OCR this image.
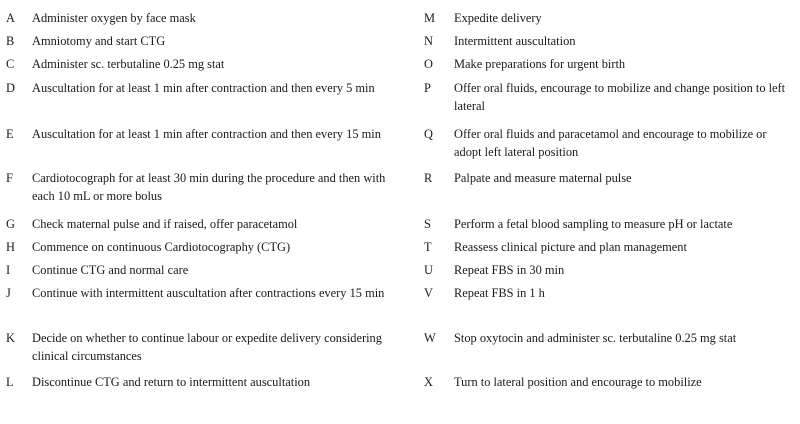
A	Administer oxygen by face mask
B	Amniotomy and start CTG
C	Administer sc. terbutaline 0.25 mg stat
D	Auscultation for at least 1 min after contraction and then every 5 min
E	Auscultation for at least 1 min after contraction and then every 15 min
F	Cardiotocograph for at least 30 min during the procedure and then with each 10 mL or more bolus
G	Check maternal pulse and if raised, offer paracetamol
H	Commence on continuous Cardiotocography (CTG)
I	Continue CTG and normal care
J	Continue with intermittent auscultation after contractions every 15 min
K	Decide on whether to continue labour or expedite delivery considering clinical circumstances
L	Discontinue CTG and return to intermittent auscultation
M	Expedite delivery
N	Intermittent auscultation
O	Make preparations for urgent birth
P	Offer oral fluids, encourage to mobilize and change position to left lateral
Q	Offer oral fluids and paracetamol and encourage to mobilize or adopt left lateral position
R	Palpate and measure maternal pulse
S	Perform a fetal blood sampling to measure pH or lactate
T	Reassess clinical picture and plan management
U	Repeat FBS in 30 min
V	Repeat FBS in 1 h
W	Stop oxytocin and administer sc. terbutaline 0.25 mg stat
X	Turn to lateral position and encourage to mobilize
